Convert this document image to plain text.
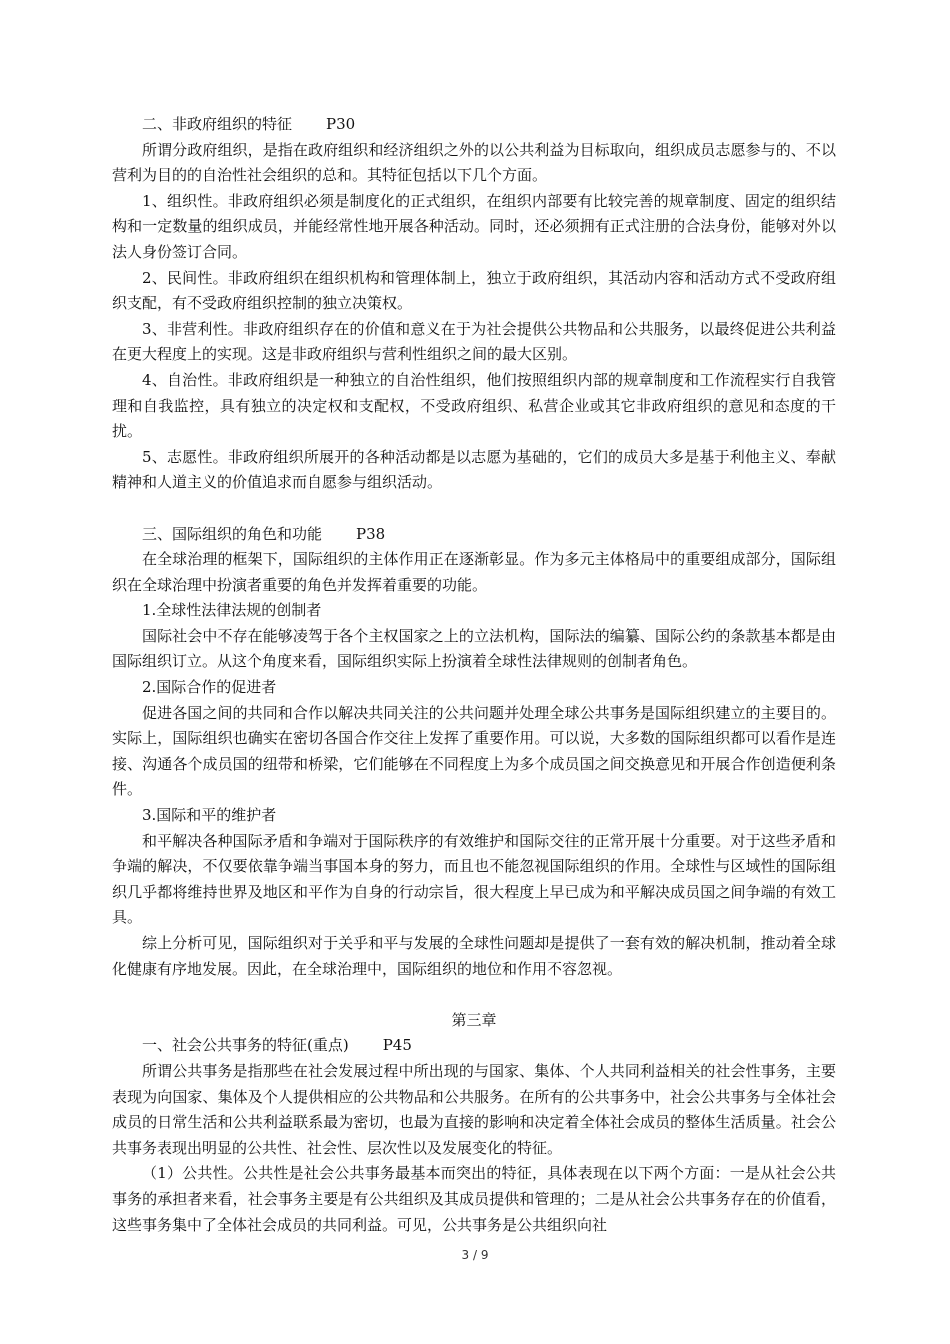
二、非政府组织的特征 P30

所谓分政府组织，是指在政府组织和经济组织之外的以公共利益为目标取向，组织成员志愿参与的、不以营利为目的的自治性社会组织的总和。其特征包括以下几个方面。

1、组织性。非政府组织必须是制度化的正式组织，在组织内部要有比较完善的规章制度、固定的组织结构和一定数量的组织成员，并能经常性地开展各种活动。同时，还必须拥有正式注册的合法身份，能够对外以法人身份签订合同。

2、民间性。非政府组织在组织机构和管理体制上，独立于政府组织，其活动内容和活动方式不受政府组织支配，有不受政府组织控制的独立决策权。

3、非营利性。非政府组织存在的价值和意义在于为社会提供公共物品和公共服务，以最终促进公共利益在更大程度上的实现。这是非政府组织与营利性组织之间的最大区别。

4、自治性。非政府组织是一种独立的自治性组织，他们按照组织内部的规章制度和工作流程实行自我管理和自我监控，具有独立的决定权和支配权，不受政府组织、私营企业或其它非政府组织的意见和态度的干扰。

5、志愿性。非政府组织所展开的各种活动都是以志愿为基础的，它们的成员大多是基于利他主义、奉献精神和人道主义的价值追求而自愿参与组织活动。

三、国际组织的角色和功能 P38

在全球治理的框架下，国际组织的主体作用正在逐渐彰显。作为多元主体格局中的重要组成部分，国际组织在全球治理中扮演者重要的角色并发挥着重要的功能。

1.全球性法律法规的创制者

国际社会中不存在能够凌驾于各个主权国家之上的立法机构，国际法的编纂、国际公约的条款基本都是由国际组织订立。从这个角度来看，国际组织实际上扮演着全球性法律规则的创制者角色。

2.国际合作的促进者

促进各国之间的共同和合作以解决共同关注的公共问题并处理全球公共事务是国际组织建立的主要目的。实际上，国际组织也确实在密切各国合作交往上发挥了重要作用。可以说，大多数的国际组织都可以看作是连接、沟通各个成员国的纽带和桥梁，它们能够在不同程度上为多个成员国之间交换意见和开展合作创造便利条件。

3.国际和平的维护者

和平解决各种国际矛盾和争端对于国际秩序的有效维护和国际交往的正常开展十分重要。对于这些矛盾和争端的解决，不仅要依靠争端当事国本身的努力，而且也不能忽视国际组织的作用。全球性与区域性的国际组织几乎都将维持世界及地区和平作为自身的行动宗旨，很大程度上早已成为和平解决成员国之间争端的有效工具。

综上分析可见，国际组织对于关乎和平与发展的全球性问题却是提供了一套有效的解决机制，推动着全球化健康有序地发展。因此，在全球治理中，国际组织的地位和作用不容忽视。

第三章

一、社会公共事务的特征(重点) P45

所谓公共事务是指那些在社会发展过程中所出现的与国家、集体、个人共同利益相关的社会性事务，主要表现为向国家、集体及个人提供相应的公共物品和公共服务。在所有的公共事务中，社会公共事务与全体社会成员的日常生活和公共利益联系最为密切，也最为直接的影响和决定着全体社会成员的整体生活质量。社会公共事务表现出明显的公共性、社会性、层次性以及发展变化的特征。

（1）公共性。公共性是社会公共事务最基本而突出的特征，具体表现在以下两个方面：一是从社会公共事务的承担者来看，社会事务主要是有公共组织及其成员提供和管理的；二是从社会公共事务存在的价值看，这些事务集中了全体社会成员的共同利益。可见，公共事务是公共组织向社

3 / 9
